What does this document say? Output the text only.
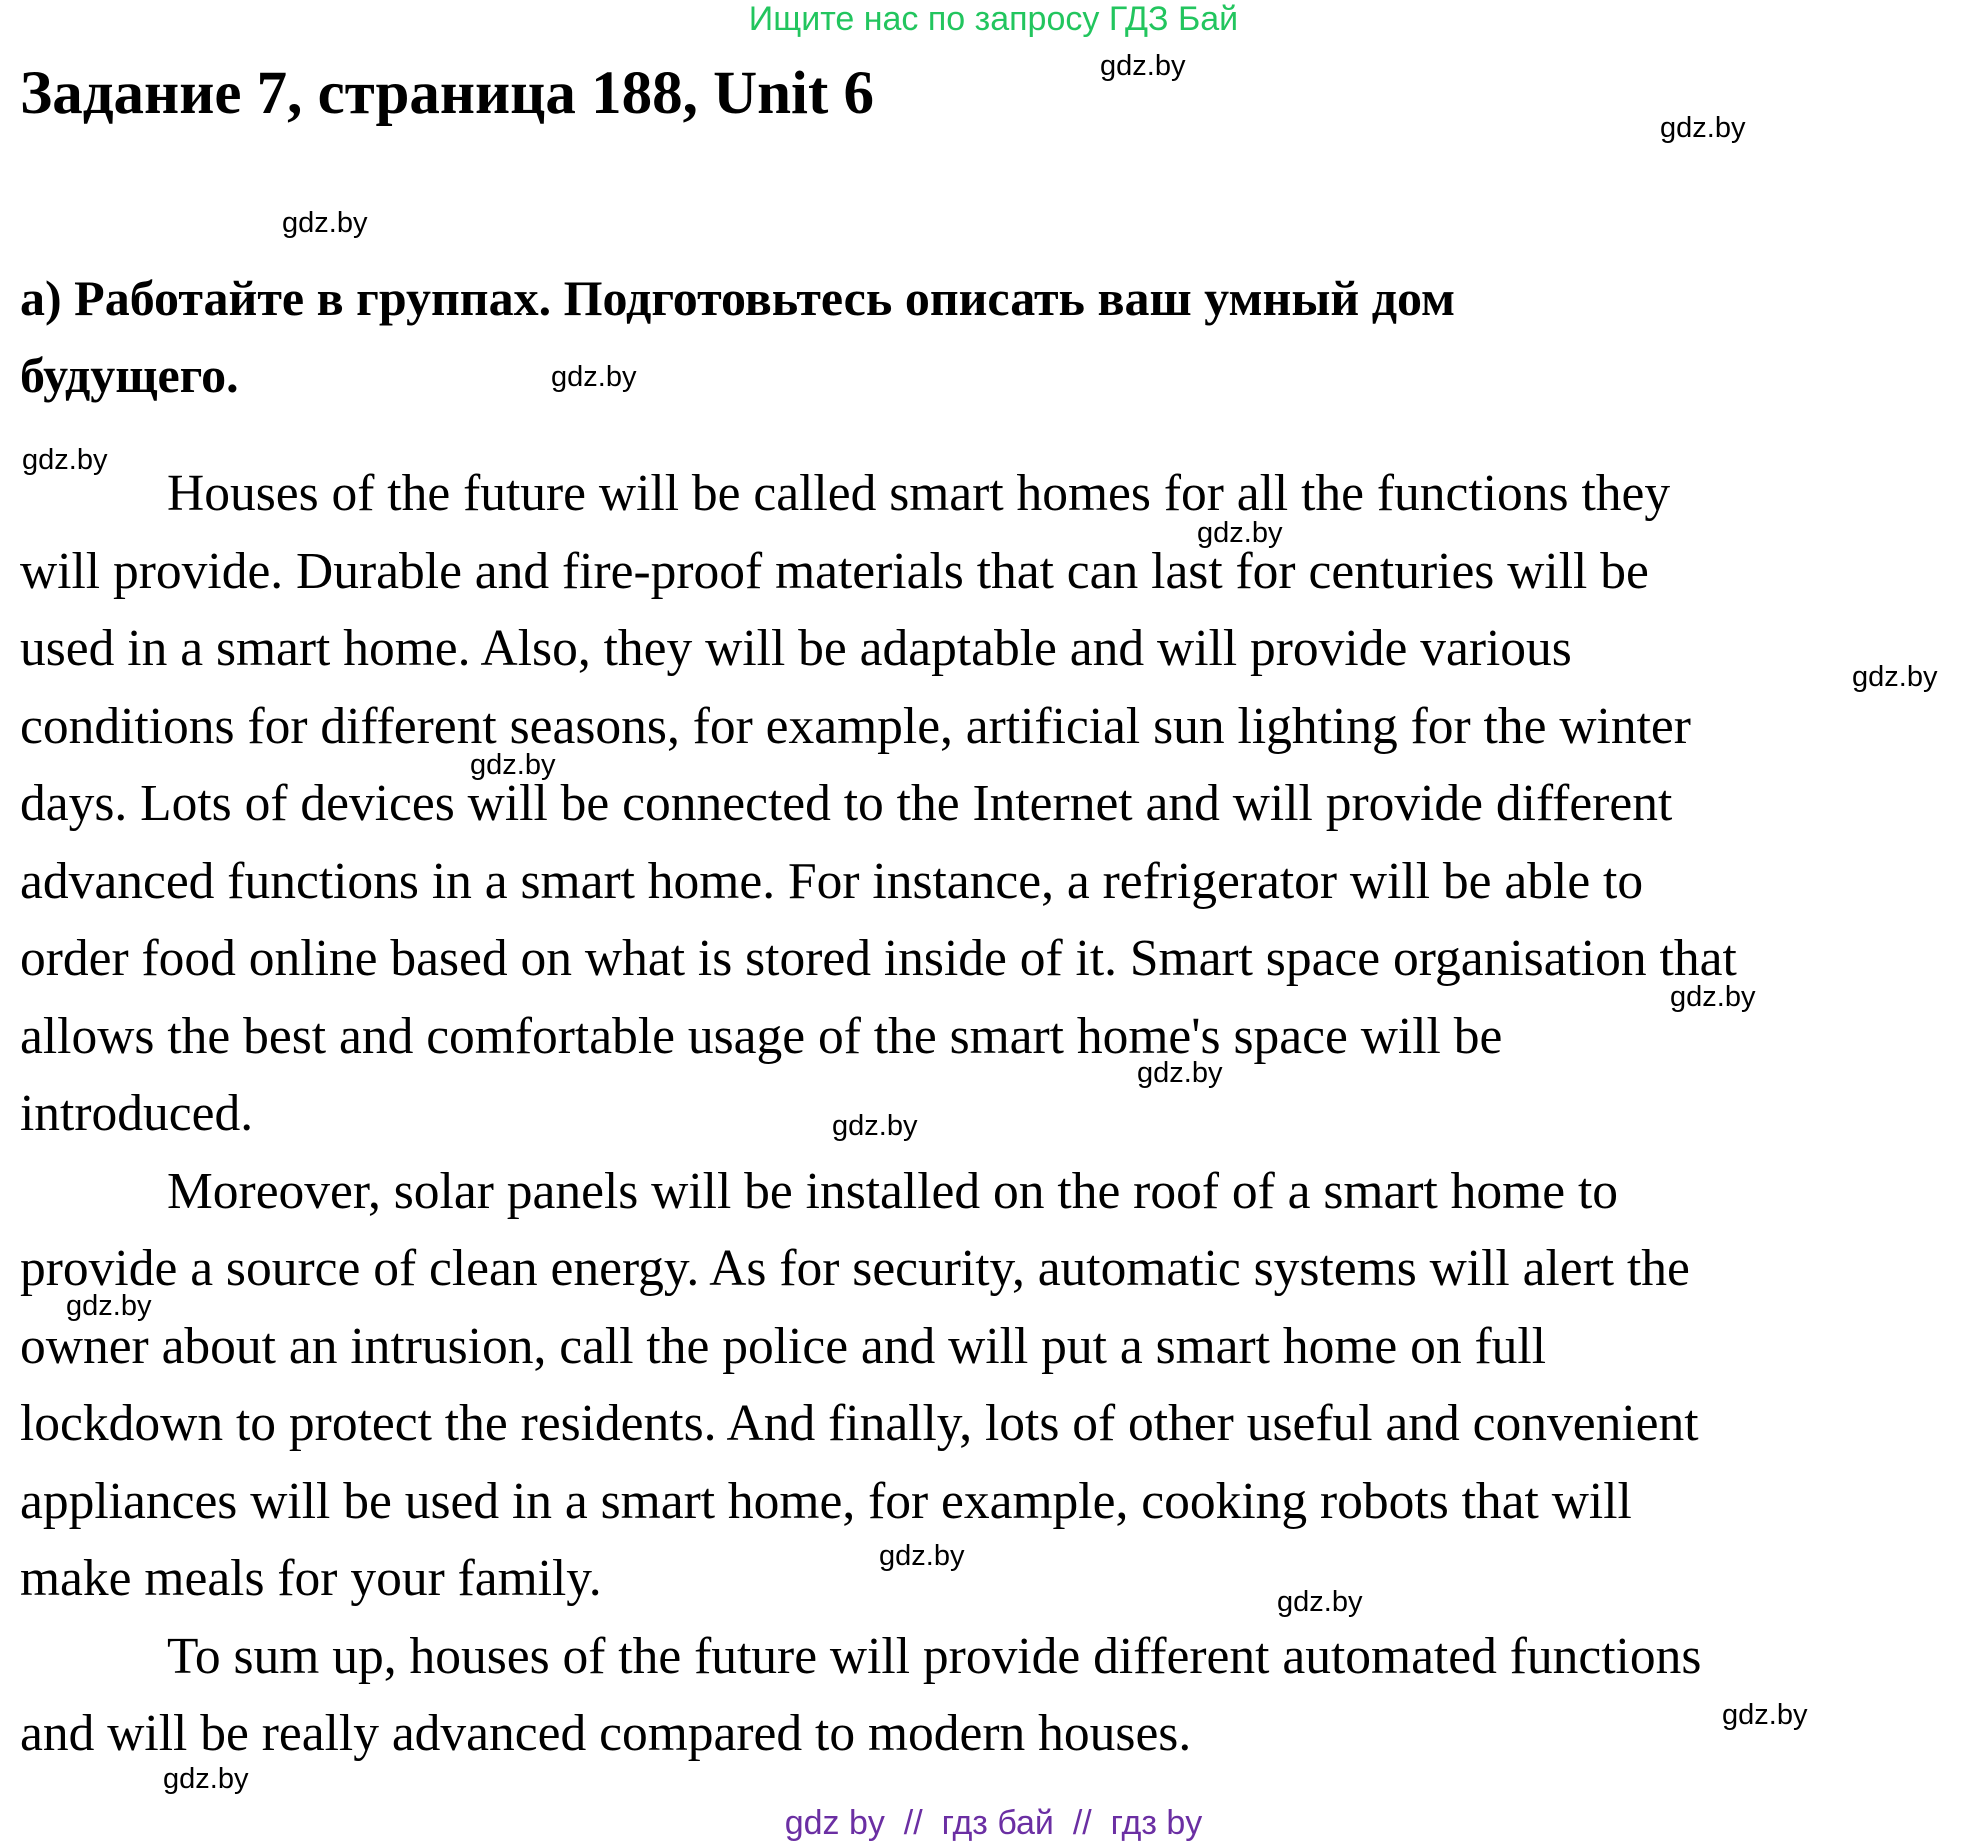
Ищите нас по запросу ГДЗ Бай
Задание 7, страница 188, Unit 6
а) Работайте в группах. Подготовьтесь описать ваш умный дом
будущего.
Houses of the future will be called smart homes for all the functions they
will provide. Durable and fire-proof materials that can last for centuries will be
used in a smart home. Also, they will be adaptable and will provide various
conditions for different seasons, for example, artificial sun lighting for the winter
days. Lots of devices will be connected to the Internet and will provide different
advanced functions in a smart home. For instance, a refrigerator will be able to
order food online based on what is stored inside of it. Smart space organisation that
allows the best and comfortable usage of the smart home's space will be
introduced.
Moreover, solar panels will be installed on the roof of a smart home to
provide a source of clean energy. As for security, automatic systems will alert the
owner about an intrusion, call the police and will put a smart home on full
lockdown to protect the residents. And finally, lots of other useful and convenient
appliances will be used in a smart home, for example, cooking robots that will
make meals for your family.
To sum up, houses of the future will provide different automated functions
and will be really advanced compared to modern houses.
gdz.by
gdz.by
gdz.by
gdz.by
gdz.by
gdz.by
gdz.by
gdz.by
gdz.by
gdz.by
gdz.by
gdz.by
gdz.by
gdz.by
gdz.by
gdz.by
gdz by  //  гдз бай  //  гдз by
